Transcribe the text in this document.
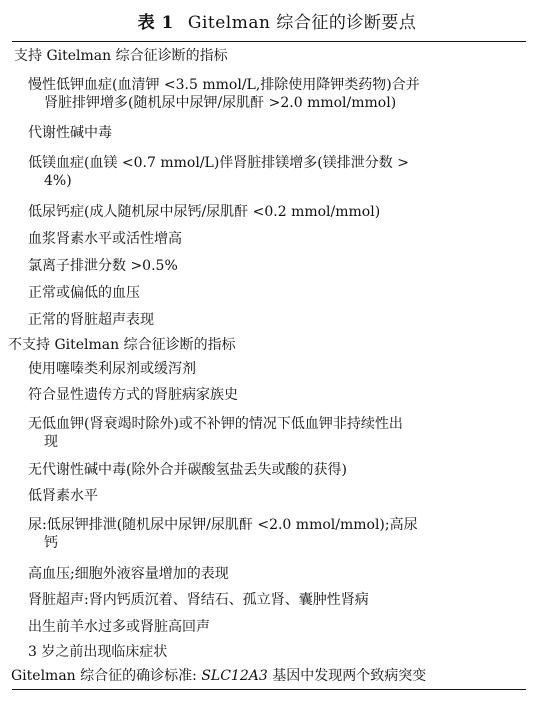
表 1 Gitelman 综合征的诊断要点
支持 Gitelman 综合征诊断的指标
慢性低钾血症(血清钾 <3.5 mmol/L,排除使用降钾类药物)合并
肾脏排钾增多(随机尿中尿钾/尿肌酐 >2.0 mmol/mmol)
代谢性碱中毒
低镁血症(血镁 <0.7 mmol/L)伴肾脏排镁增多(镁排泄分数 >
4%)
低尿钙症(成人随机尿中尿钙/尿肌酐 <0.2 mmol/mmol)
血浆肾素水平或活性增高
氯离子排泄分数 >0.5%
正常或偏低的血压
正常的肾脏超声表现
不支持 Gitelman 综合征诊断的指标
使用噻嗪类利尿剂或缓泻剂
符合显性遗传方式的肾脏病家族史
无低血钾(肾衰竭时除外)或不补钾的情况下低血钾非持续性出
现
无代谢性碱中毒(除外合并碳酸氢盐丢失或酸的获得)
低肾素水平
尿:低尿钾排泄(随机尿中尿钾/尿肌酐 <2.0 mmol/mmol);高尿
钙
高血压;细胞外液容量增加的表现
肾脏超声:肾内钙质沉着、肾结石、孤立肾、囊肿性肾病
出生前羊水过多或肾脏高回声
3 岁之前出现临床症状
Gitelman 综合征的确诊标准: SLC12A3 基因中发现两个致病突变
